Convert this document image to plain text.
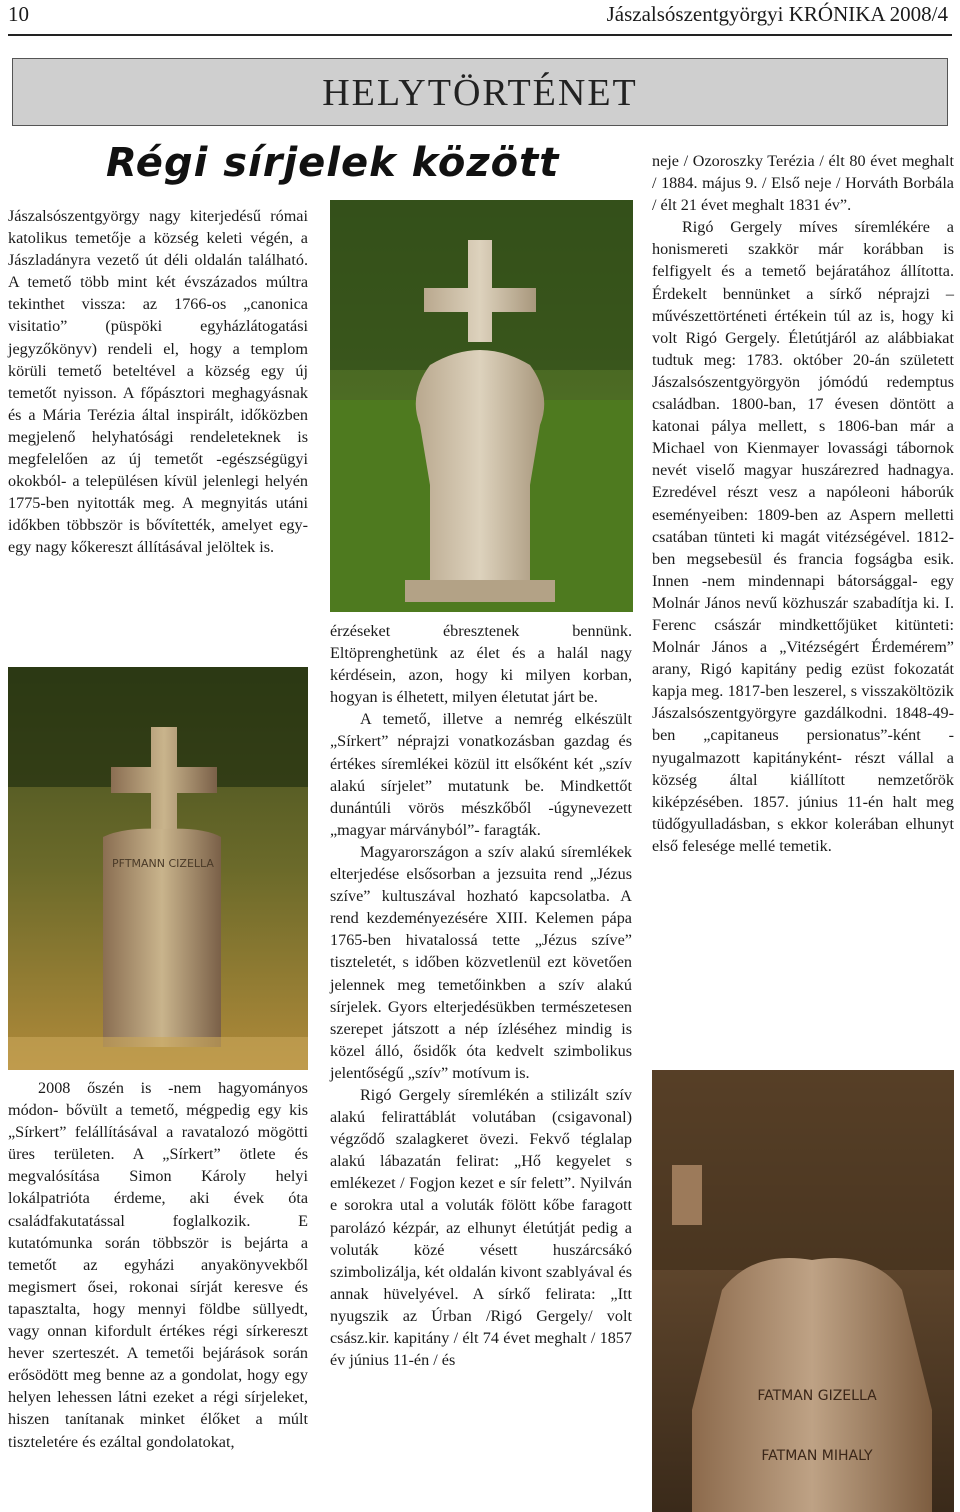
10	Jászalsószentgyörgyi KRÓNIKA 2008/4
HELYTÖRTÉNET
Régi sírjelek között

Jászalsószentgyörgy nagy kiterjedésű római katolikus temetője a község keleti végén, a Jászladányra vezető út déli oldalán található. A temető több mint két évszázados múltra tekinthet vissza: az 1766-os „canonica visitatio” (püspöki egyházlátogatási jegyzőkönyv) rendeli el, hogy a templom körüli temető beteltével a község egy új temetőt nyisson. A főpásztori meghagyásnak és a Mária Terézia által inspirált, időközben megjelenő helyhatósági rendeleteknek is megfelelően az új temetőt -egészségügyi okokból- a településen kívül jelenlegi helyén 1775-ben nyitották meg. A megnyitás utáni időkben többször is bővítették, amelyet egy-egy nagy kőkereszt állításával jelöltek is.

PFTMANN CIZELLA

2008 őszén is -nem hagyományos módon- bővült a temető, mégpedig egy kis „Sírkert” felállításával a ravatalozó mögötti üres területen. A „Sírkert” ötlete és megvalósítása Simon Károly helyi lokálpatrióta érdeme, aki évek óta családfakutatással foglalkozik. E kutatómunka során többször is bejárta a temetőt az egyházi anyakönyvekből megismert ősei, rokonai sírját keresve és tapasztalta, hogy mennyi földbe süllyedt, vagy onnan kifordult értékes régi sírkereszt hever szerteszét. A temetői bejárások során erősödött meg benne az a gondolat, hogy egy helyen lehessen látni ezeket a régi sírjeleket, hiszen tanítanak minket élőket a múlt tiszteletére és ezáltal gondolatokat,

érzéseket ébresztenek bennünk. Eltöprenghetünk az élet és a halál nagy kérdésein, azon, hogy ki milyen korban, hogyan is élhetett, milyen életutat járt be.

A temető, illetve a nemrég elkészült „Sírkert” néprajzi vonatkozásban gazdag és értékes síremlékei közül itt elsőként két „szív alakú sírjelet” mutatunk be. Mindkettőt dunántúli vörös mészkőből -úgynevezett „magyar márványból”- faragták.

Magyarországon a szív alakú síremlékek elterjedése elsősorban a jezsuita rend „Jézus szíve” kultuszával hozható kapcsolatba. A rend kezdeményezésére XIII. Kelemen pápa 1765-ben hivatalossá tette „Jézus szíve” tiszteletét, s időben közvetlenül ezt követően jelennek meg temetőinkben a szív alakú sírjelek. Gyors elterjedésükben természetesen szerepet játszott a nép ízléséhez mindig is közel álló, ősidők óta kedvelt szimbolikus jelentőségű „szív” motívum is.

Rigó Gergely síremlékén a stilizált szív alakú felirattáblát volutában (csigavonal) végződő szalagkeret övezi. Fekvő téglalap alakú lábazatán felirat: „Hő kegyelet s emlékezet / Fogjon kezet e sír felett”. Nyilván e sorokra utal a voluták fölött kőbe faragott parolázó kézpár, az elhunyt életútját pedig a voluták közé vésett huszárcsákó szimbolizálja, két oldalán kivont szablyával és annak hüvelyével. A sírkő felirata: „Itt nyugszik az Úrban /Rigó Gergely/ volt csász.kir. kapitány / élt 74 évet meghalt / 1857 év június 11-én / és

neje / Ozoroszky Terézia / élt 80 évet meghalt / 1884. május 9. / Első neje / Horváth Borbála / élt 21 évet meghalt 1831 év”.

Rigó Gergely míves síremlékére a honismereti szakkör már korábban is felfigyelt és a temető bejáratához állította. Érdekelt bennünket a sírkő néprajzi – művészettörténeti értékein túl az is, hogy ki volt Rigó Gergely. Életútjáról az alábbiakat tudtuk meg: 1783. október 20-án született Jászalsószentgyörgyön jómódú redemptus családban. 1800-ban, 17 évesen döntött a katonai pálya mellett, s 1806-ban már a Michael von Kienmayer lovassági tábornok nevét viselő magyar huszárezred hadnagya. Ezredével részt vesz a napóleoni háborúk eseményeiben: 1809-ben az Aspern melletti csatában tünteti ki magát vitézségével. 1812-ben megsebesül és francia fogságba esik. Innen -nem mindennapi bátorsággal- egy Molnár János nevű közhuszár szabadítja ki. I. Ferenc császár mindkettőjüket kitünteti: Molnár János a „Vitézségért Érdemérem” arany, Rigó kapitány pedig ezüst fokozatát kapja meg. 1817-ben leszerel, s visszaköltözik Jászalsószentgyörgyre gazdálkodni. 1848-49-ben „capitaneus persionatus”-ként -nyugalmazott kapitányként- részt vállal a község által kiállított nemzetőrök kiképzésében. 1857. június 11-én halt meg tüdőgyulladásban, s ekkor kolerában elhunyt első felesége mellé temetik.

FATMAN GIZELLA
FATMAN MIHALY
